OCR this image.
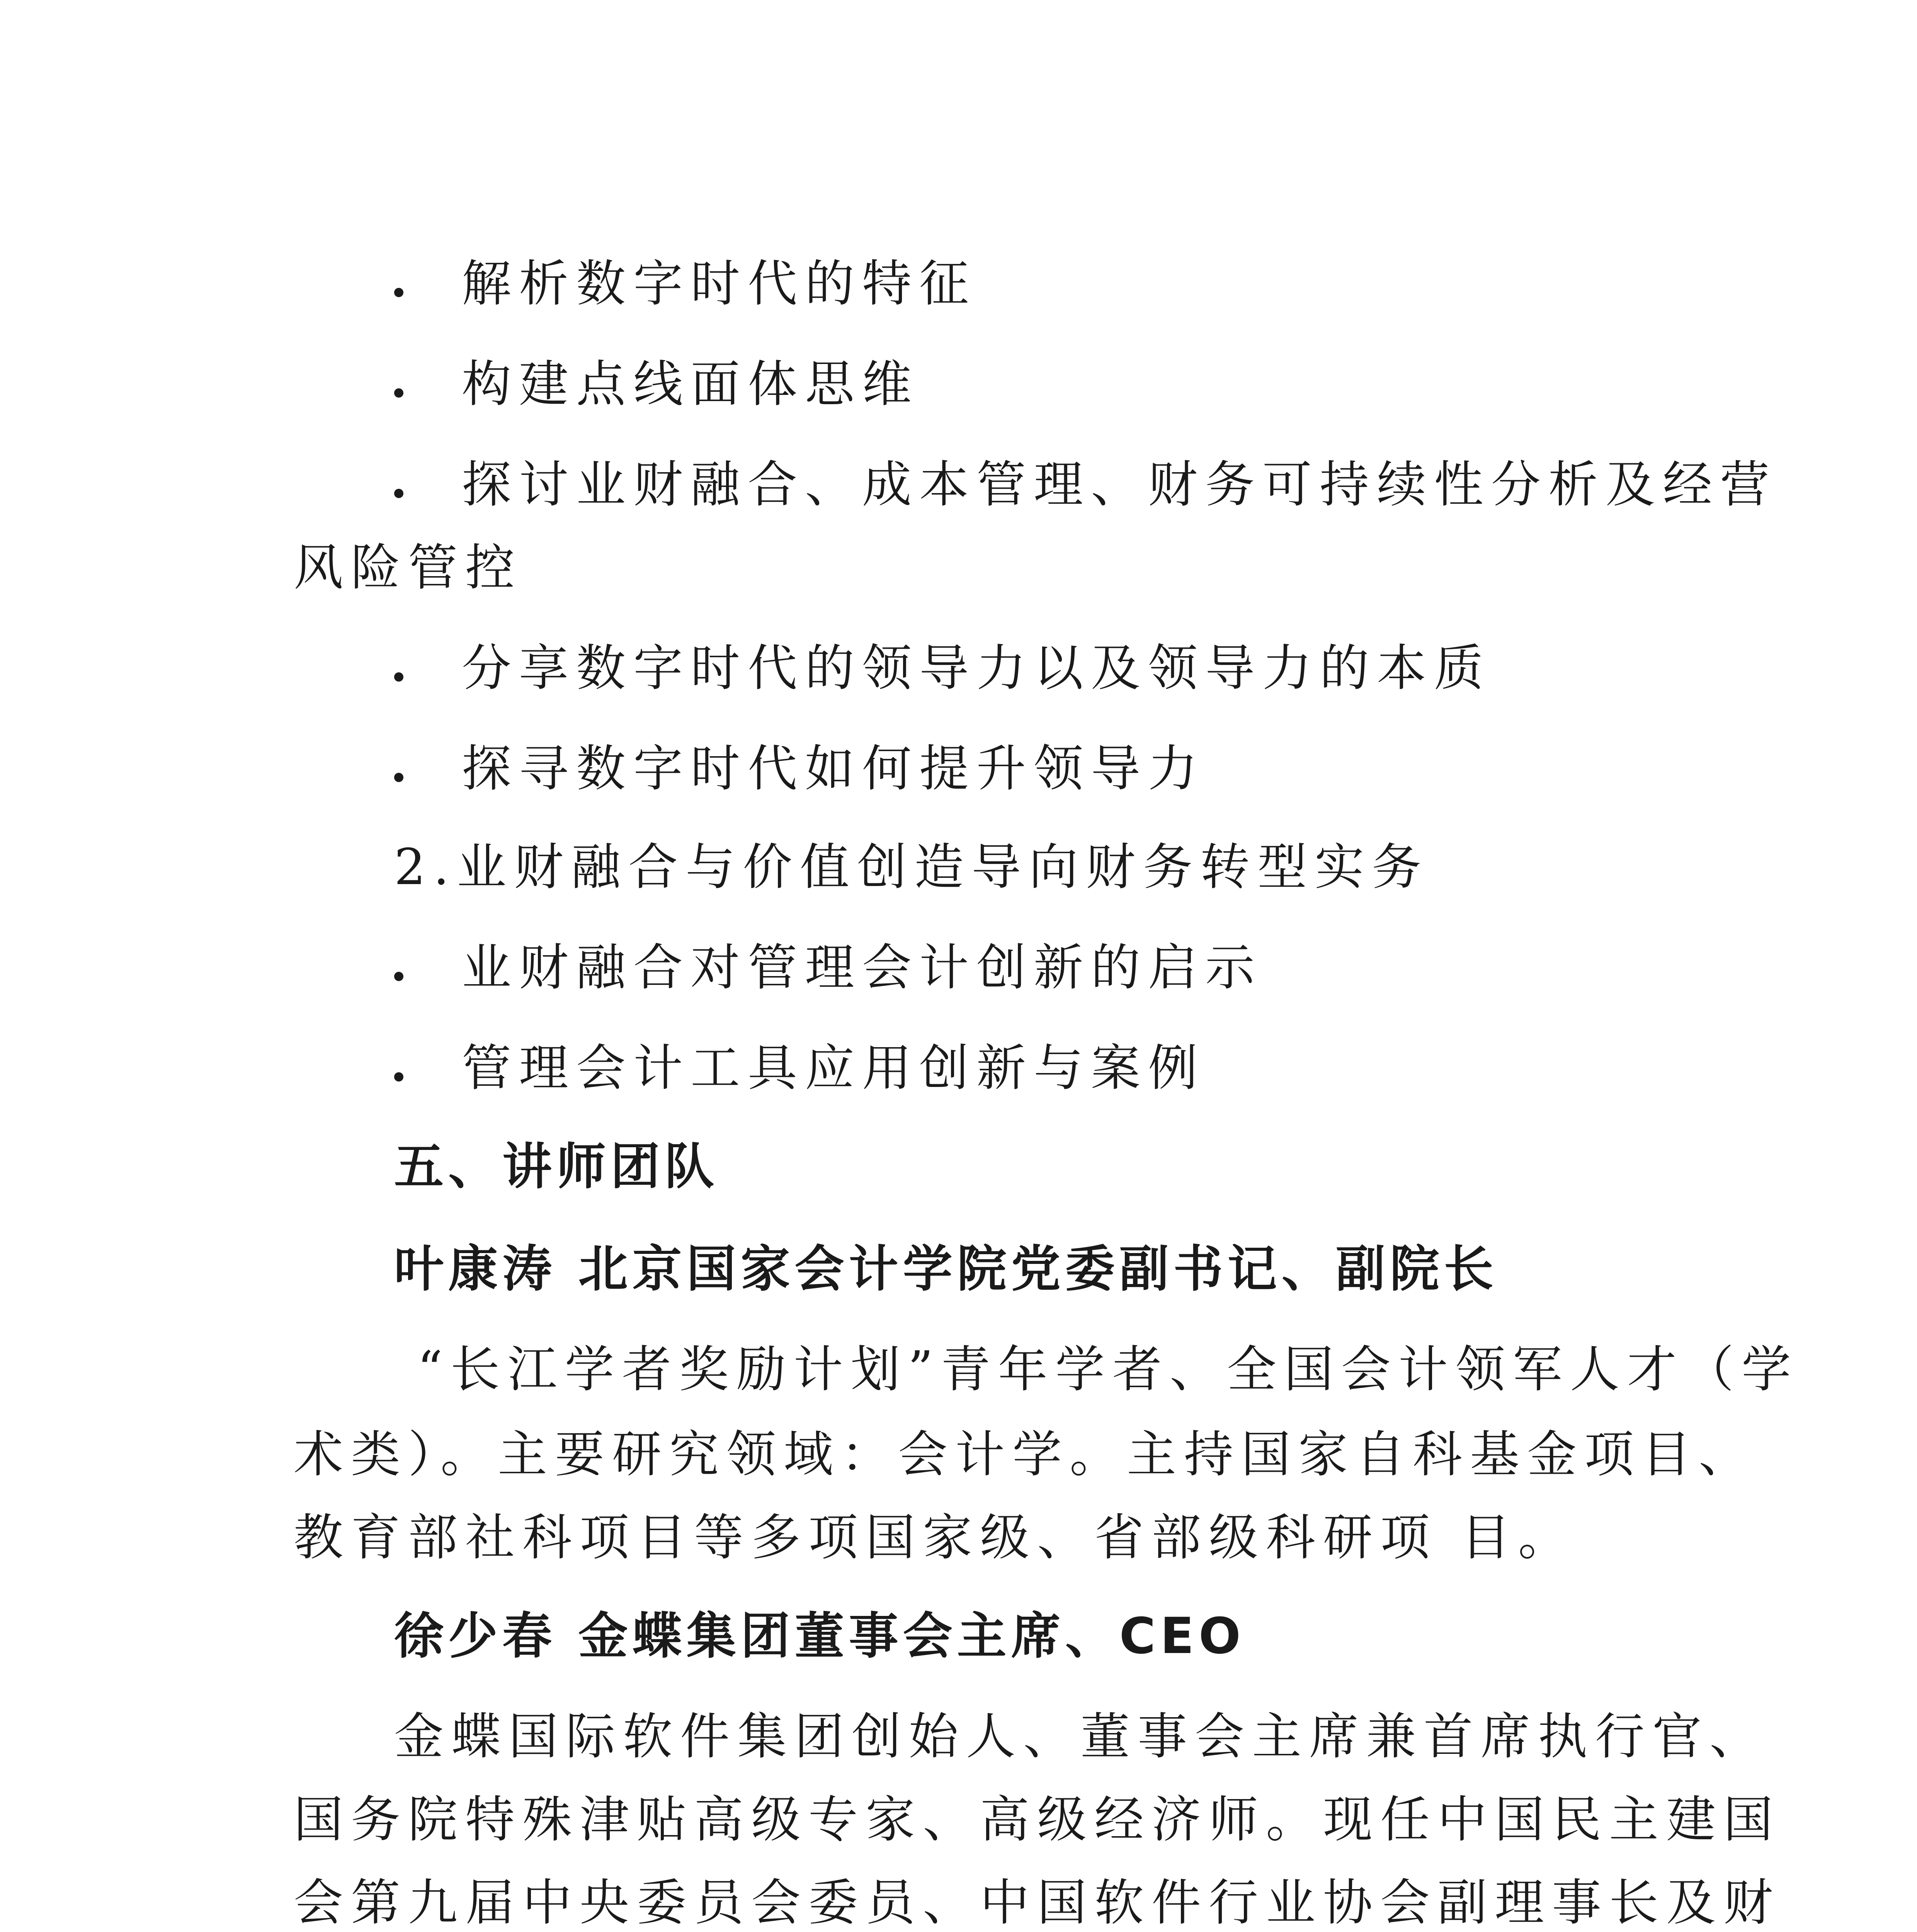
解析数字时代的特征
构建点线面体思维
探讨业财融合、成本管理、财务可持续性分析及经营
风险管控
分享数字时代的领导力以及领导力的本质
探寻数字时代如何提升领导力
2.业财融合与价值创造导向财务转型实务
业财融合对管理会计创新的启示
管理会计工具应用创新与案例
五、讲师团队
叶康涛 北京国家会计学院党委副书记、副院长
“长江学者奖励计划”青年学者、全国会计领军人才（学
术类）。主要研究领域：会计学。主持国家自科基金项目、
教育部社科项目等多项国家级、省部级科研项 目。
徐少春 金蝶集团董事会主席、CEO
金蝶国际软件集团创始人、董事会主席兼首席执行官、
国务院特殊津贴高级专家、高级经济师。现任中国民主建国
会第九届中央委员会委员、中国软件行业协会副理事长及财
